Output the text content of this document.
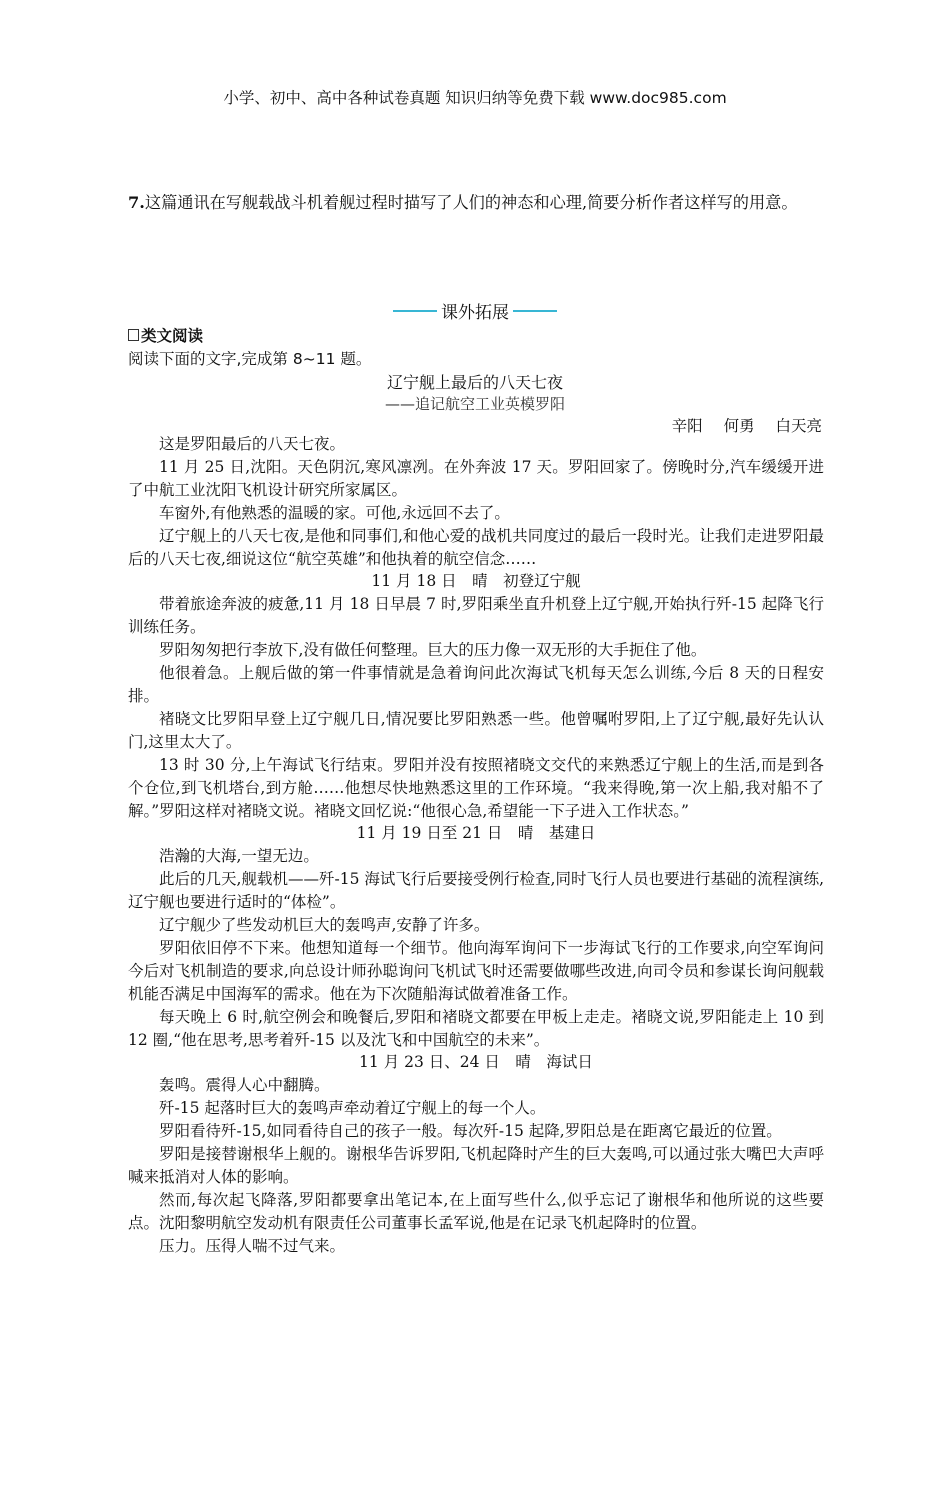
小学、初中、高中各种试卷真题 知识归纳等免费下载 www.doc985.com
7.这篇通讯在写舰载战斗机着舰过程时描写了人们的神态和心理,简要分析作者这样写的用意。
课外拓展
类文阅读
阅读下面的文字,完成第 8~11 题。
辽宁舰上最后的八天七夜
——追记航空工业英模罗阳
辛阳 何勇 白天亮

这是罗阳最后的八天七夜。

11 月 25 日,沈阳。天色阴沉,寒风凛冽。在外奔波 17 天。罗阳回家了。傍晚时分,汽车缓缓开进了中航工业沈阳飞机设计研究所家属区。

车窗外,有他熟悉的温暖的家。可他,永远回不去了。

辽宁舰上的八天七夜,是他和同事们,和他心爱的战机共同度过的最后一段时光。让我们走进罗阳最后的八天七夜,细说这位“航空英雄”和他执着的航空信念……

11 月 18 日　晴　初登辽宁舰

带着旅途奔波的疲惫,11 月 18 日早晨 7 时,罗阳乘坐直升机登上辽宁舰,开始执行歼-15 起降飞行训练任务。

罗阳匆匆把行李放下,没有做任何整理。巨大的压力像一双无形的大手扼住了他。

他很着急。上舰后做的第一件事情就是急着询问此次海试飞机每天怎么训练,今后 8 天的日程安排。

褚晓文比罗阳早登上辽宁舰几日,情况要比罗阳熟悉一些。他曾嘱咐罗阳,上了辽宁舰,最好先认认门,这里太大了。

13 时 30 分,上午海试飞行结束。罗阳并没有按照褚晓文交代的来熟悉辽宁舰上的生活,而是到各个仓位,到飞机塔台,到方舱……他想尽快地熟悉这里的工作环境。“我来得晚,第一次上船,我对船不了解。”罗阳这样对褚晓文说。褚晓文回忆说:“他很心急,希望能一下子进入工作状态。”

11 月 19 日至 21 日　晴　基建日

浩瀚的大海,一望无边。

此后的几天,舰载机——歼-15 海试飞行后要接受例行检查,同时飞行人员也要进行基础的流程演练,辽宁舰也要进行适时的“体检”。

辽宁舰少了些发动机巨大的轰鸣声,安静了许多。

罗阳依旧停不下来。他想知道每一个细节。他向海军询问下一步海试飞行的工作要求,向空军询问今后对飞机制造的要求,向总设计师孙聪询问飞机试飞时还需要做哪些改进,向司令员和参谋长询问舰载机能否满足中国海军的需求。他在为下次随船海试做着准备工作。

每天晚上 6 时,航空例会和晚餐后,罗阳和褚晓文都要在甲板上走走。褚晓文说,罗阳能走上 10 到 12 圈,“他在思考,思考着歼-15 以及沈飞和中国航空的未来”。

11 月 23 日、24 日　晴　海试日

轰鸣。震得人心中翻腾。

歼-15 起落时巨大的轰鸣声牵动着辽宁舰上的每一个人。

罗阳看待歼-15,如同看待自己的孩子一般。每次歼-15 起降,罗阳总是在距离它最近的位置。

罗阳是接替谢根华上舰的。谢根华告诉罗阳,飞机起降时产生的巨大轰鸣,可以通过张大嘴巴大声呼喊来抵消对人体的影响。

然而,每次起飞降落,罗阳都要拿出笔记本,在上面写些什么,似乎忘记了谢根华和他所说的这些要点。沈阳黎明航空发动机有限责任公司董事长孟军说,他是在记录飞机起降时的位置。

压力。压得人喘不过气来。
